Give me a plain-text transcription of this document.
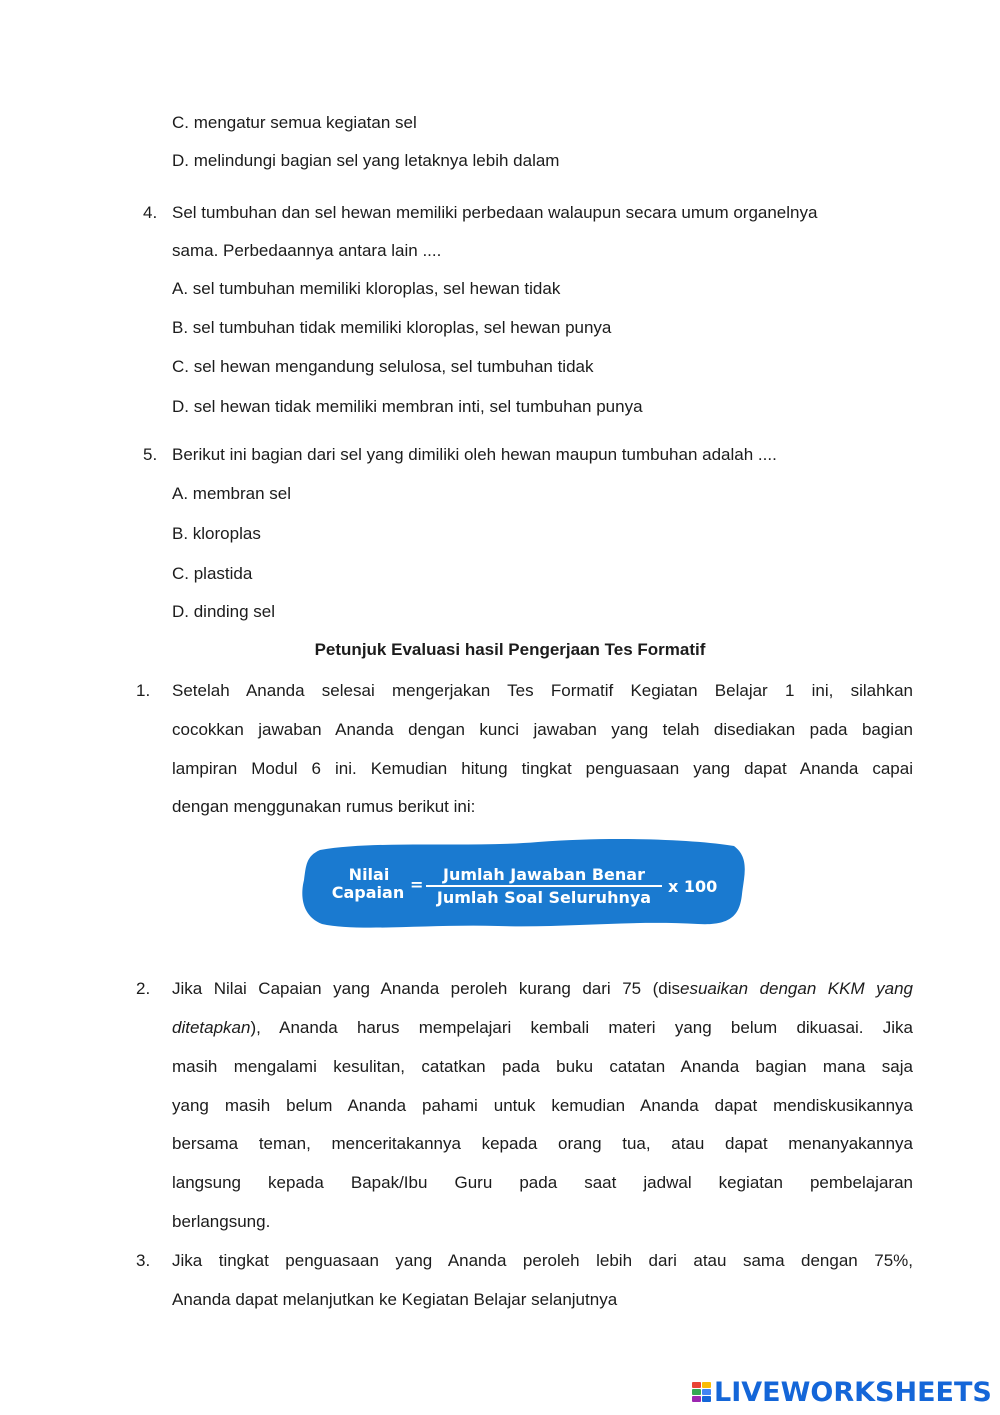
C. mengatur semua kegiatan sel
D. melindungi bagian sel yang letaknya lebih dalam
4. Sel tumbuhan dan sel hewan memiliki perbedaan walaupun secara umum organelnya
sama. Perbedaannya antara lain ....
A. sel tumbuhan memiliki kloroplas, sel hewan tidak
B. sel tumbuhan tidak memiliki kloroplas, sel hewan punya
C. sel hewan mengandung selulosa, sel tumbuhan tidak
D. sel hewan tidak memiliki membran inti, sel tumbuhan punya
5. Berikut ini bagian dari sel yang dimiliki oleh hewan maupun tumbuhan adalah ....
A. membran sel
B. kloroplas
C. plastida
D. dinding sel
Petunjuk Evaluasi hasil Pengerjaan Tes Formatif
1. Setelah Ananda selesai mengerjakan Tes Formatif Kegiatan Belajar 1 ini, silahkan
cocokkan jawaban Ananda dengan kunci jawaban yang telah disediakan pada bagian
lampiran Modul 6 ini. Kemudian hitung tingkat penguasaan yang dapat Ananda capai
dengan menggunakan rumus berikut ini:
Nilai
Capaian =
Jumlah Jawaban Benar
Jumlah Soal Seluruhnya
x 100
2. Jika Nilai Capaian yang Ananda peroleh kurang dari 75 (disesuaikan dengan KKM yang
ditetapkan), Ananda harus mempelajari kembali materi yang belum dikuasai. Jika
masih mengalami kesulitan, catatkan pada buku catatan Ananda bagian mana saja
yang masih belum Ananda pahami untuk kemudian Ananda dapat mendiskusikannya
bersama teman, menceritakannya kepada orang tua, atau dapat menanyakannya
langsung kepada Bapak/Ibu Guru pada saat jadwal kegiatan pembelajaran
berlangsung.
3. Jika tingkat penguasaan yang Ananda peroleh lebih dari atau sama dengan 75%,
Ananda dapat melanjutkan ke Kegiatan Belajar selanjutnya
LIVEWORKSHEETS
